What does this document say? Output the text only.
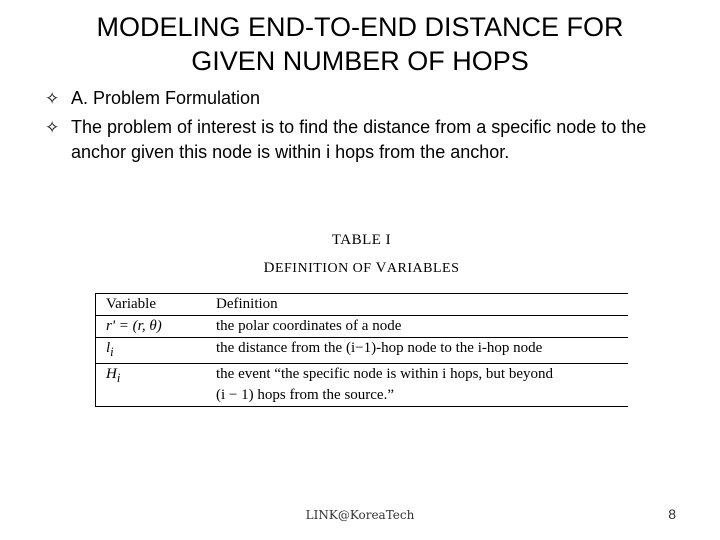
MODELING END-TO-END DISTANCE FOR
GIVEN NUMBER OF HOPS
✧ A. Problem Formulation
✧ The problem of interest is to find the distance from a specific node to the anchor given this node is within i hops from the anchor.
TABLE I
DEFINITION OF VARIABLES
Variable	Definition
r' = (r, θ)	the polar coordinates of a node
$l_i$	the distance from the (i−1)-hop node to the i-hop node
$H_i$	the event “the specific node is within i hops, but beyond
(i − 1) hops from the source.”
LINK@KoreaTech	8
